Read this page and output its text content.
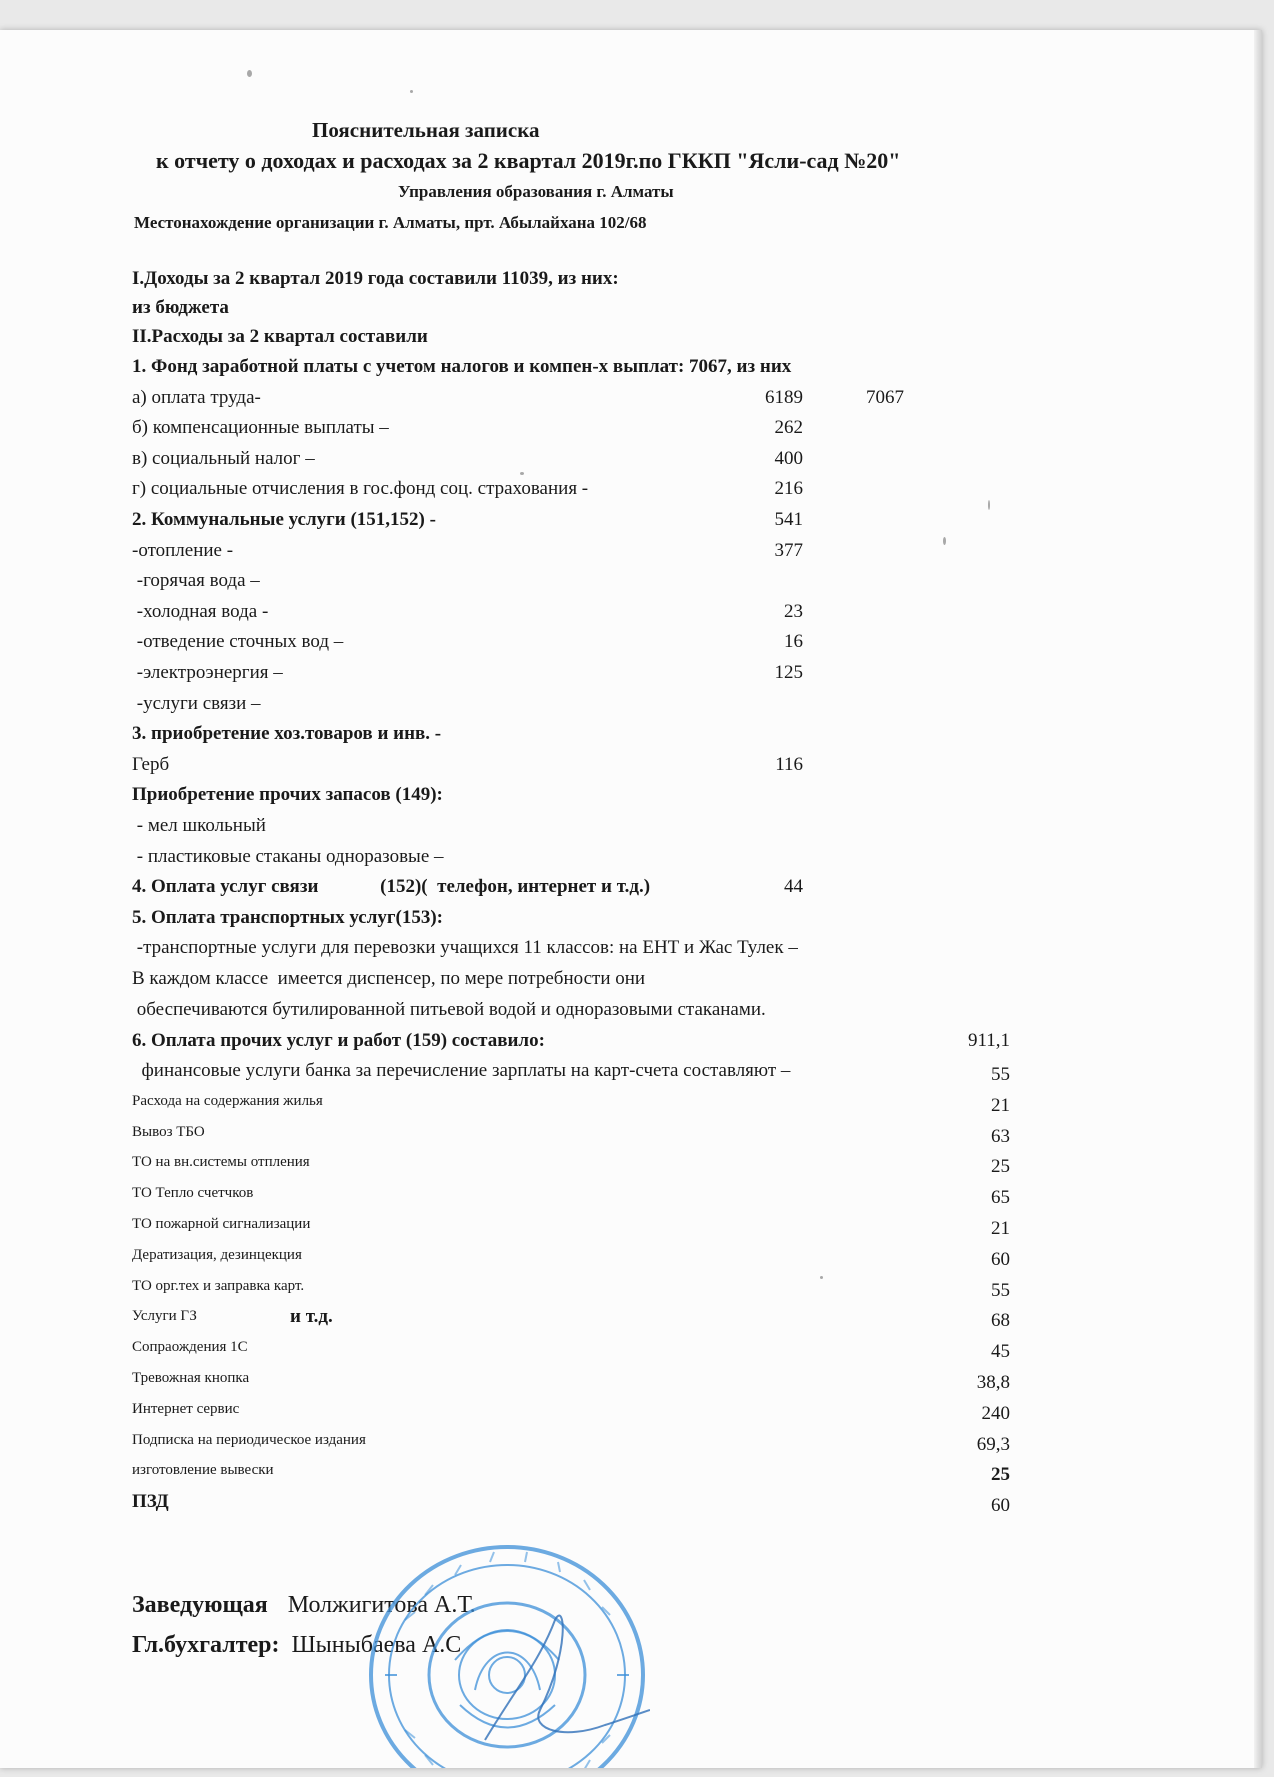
Пояснительная записка
к отчету о доходах и расходах за 2 квартал 2019г.по ГККП "Ясли-сад №20"
Управления образования г. Алматы
Местонахождение организации г. Алматы, прт. Абылайхана 102/68
I.Доходы за 2 квартал 2019 года составили 11039, из них:
из бюджета
II.Расходы за 2 квартал составили
Заведующая Молжигитова А.Т.
Гл.бухгалтер: Шыныбаева А.С
1. Фонд заработной платы с учетом налогов и компен-х выплат: 7067, из них
а) оплата труда-	6189	7067
б) компенсационные выплаты –	262
в) социальный налог –	400
г) социальные отчисления в гос.фонд соц. страхования -	216
2. Коммунальные услуги (151,152) -	541
-отопление -	377
-горячая вода –
-холодная вода -	23
-отведение сточных вод –	16
-электроэнергия –	125
-услуги связи –
3. приобретение хоз.товаров и инв. -
Герб	116
Приобретение прочих запасов (149):
- мел школьный
- пластиковые стаканы одноразовые –
4. Оплата услуг связи             (152)(  телефон, интернет и т.д.)	44
5. Оплата транспортных услуг(153):
-транспортные услуги для перевозки учащихся 11 классов: на ЕНТ и Жас Тулек –
В каждом классе  имеется диспенсер, по мере потребности они
обеспечиваются бутилированной питьевой водой и одноразовыми стаканами.
6. Оплата прочих услуг и работ (159) составило:	911,1
финансовые услуги банка за перечисление зарплаты на карт-счета составляют –	55
Расхода на содержания жилья	21
Вывоз ТБО	63
ТО на вн.системы отпления	25
ТО Тепло счетчков	65
ТО пожарной сигнализации	21
Дератизация, дезинцекция	60
ТО орг.тех и заправка карт.	55
Услуги ГЗ	и т.д.	68
Сопраождения 1С	45
Тревожная кнопка	38,8
Интернет сервис	240
Подписка на периодическое издания	69,3
изготовление вывески	25
ПЗД	60
